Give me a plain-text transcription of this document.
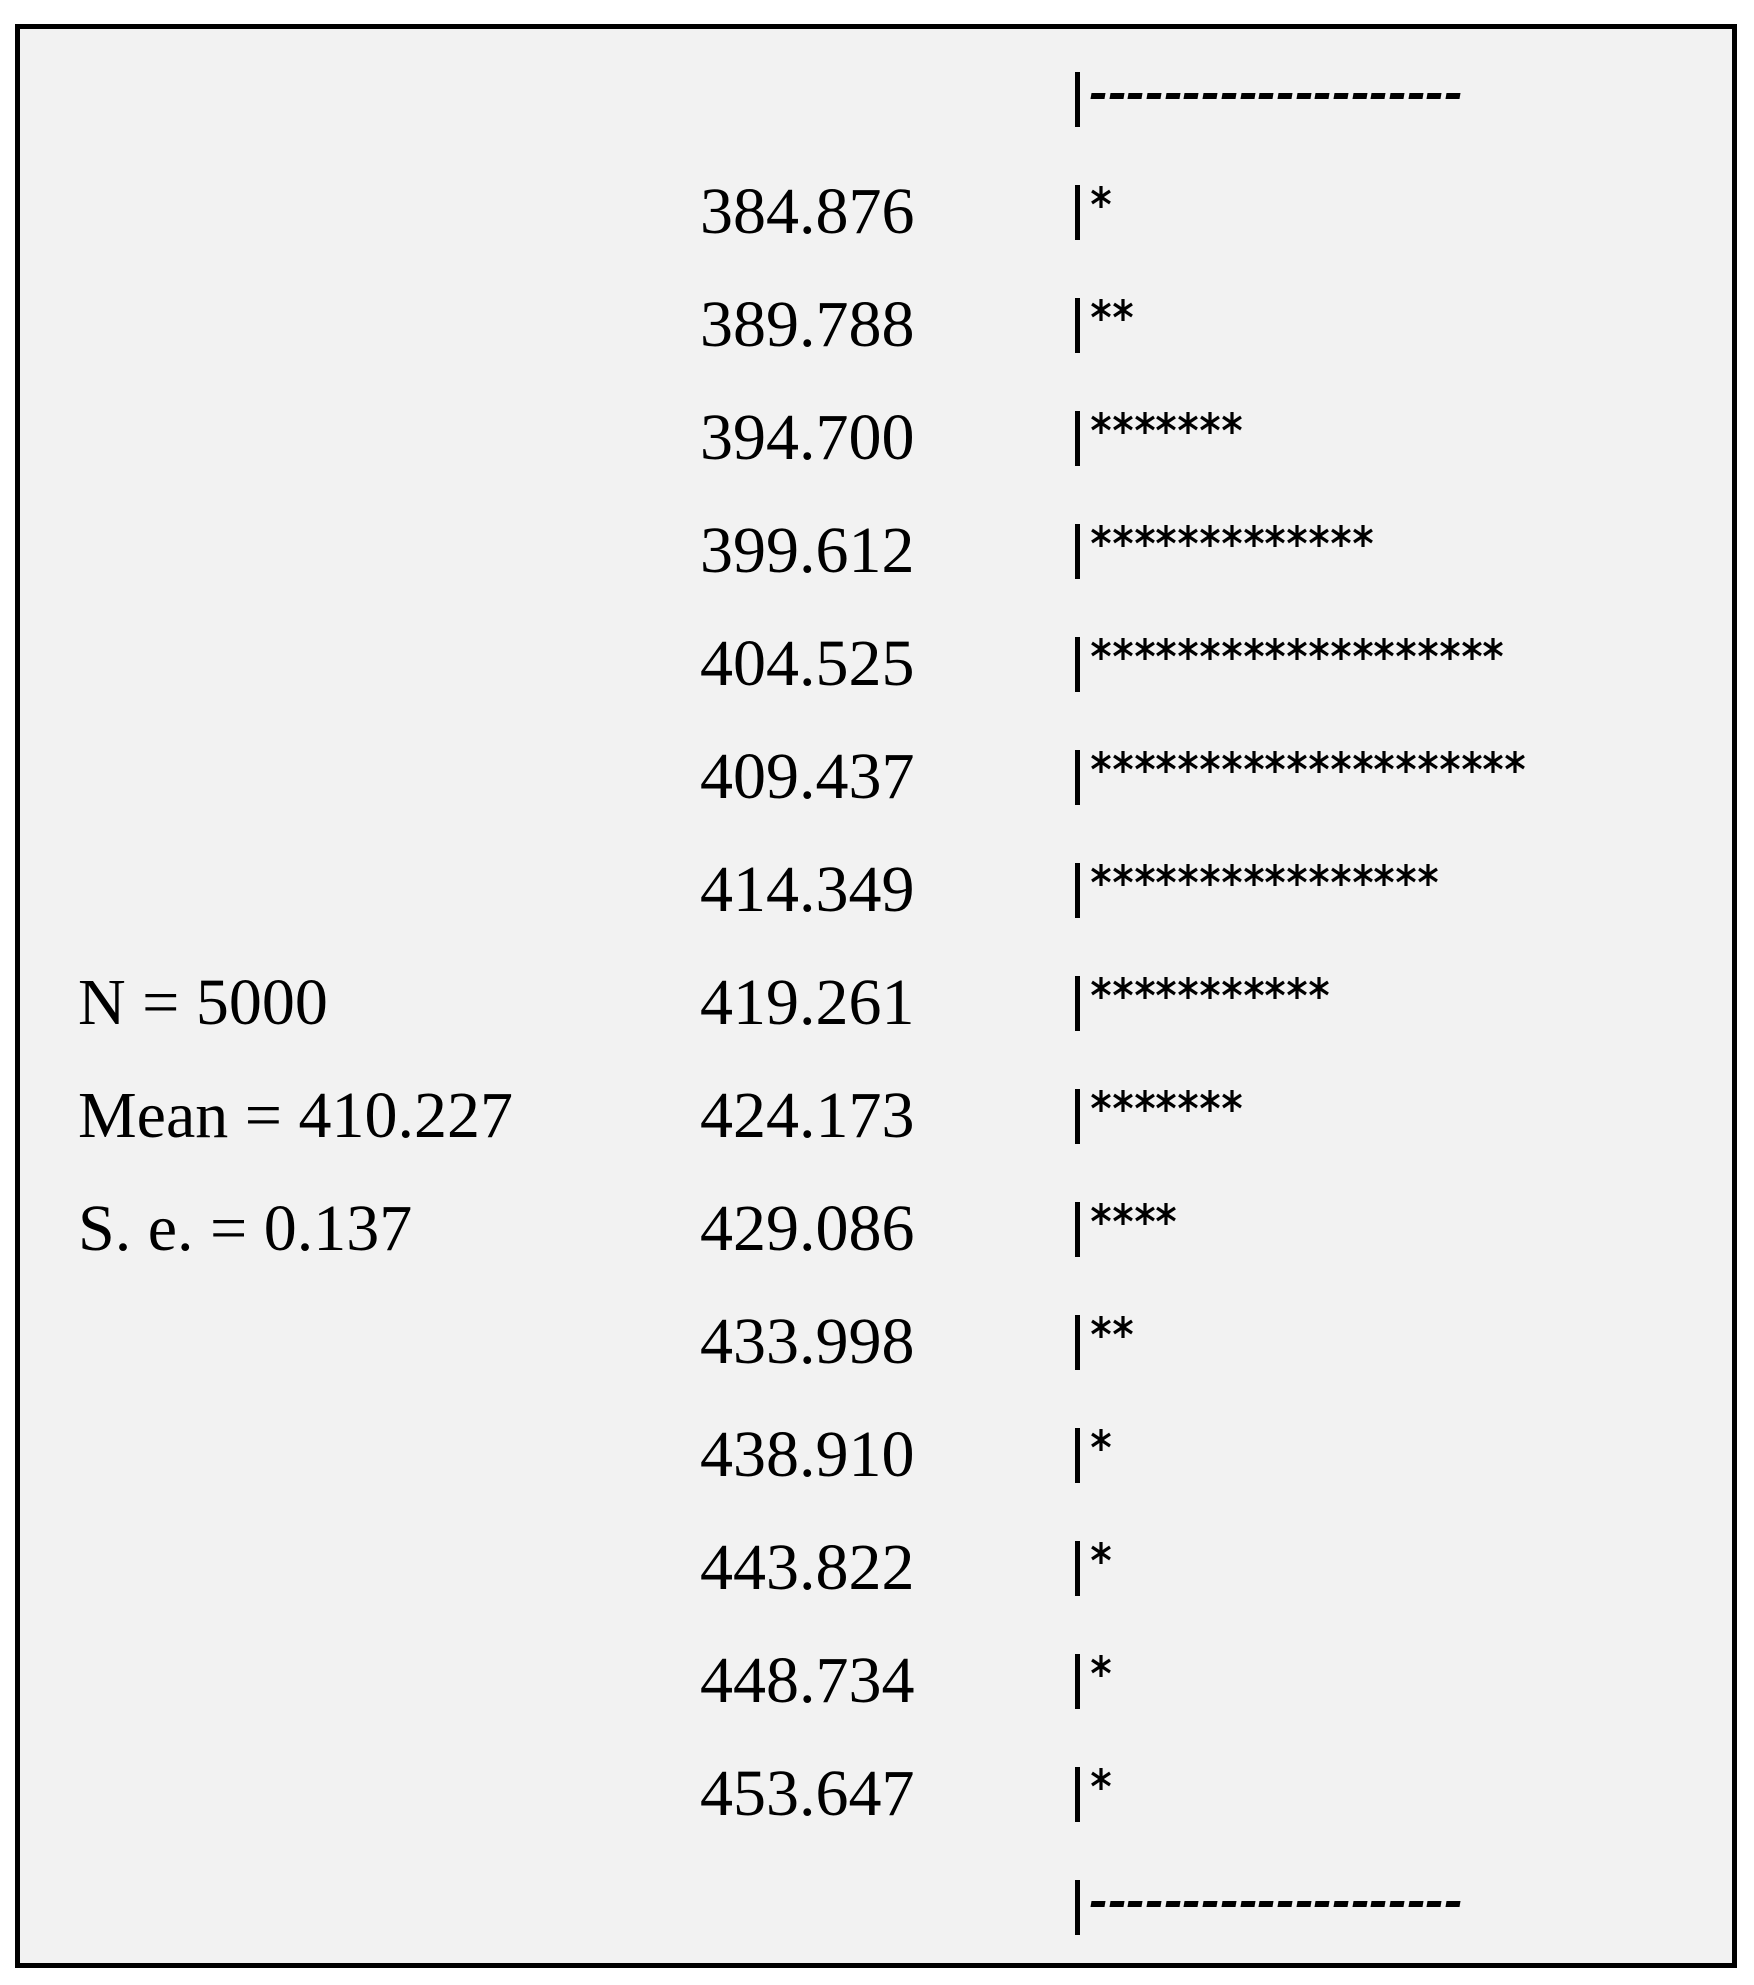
384.876
389.788
394.700
399.612
404.525
409.437
414.349
419.261
424.173
429.086
433.998
438.910
443.822
448.734
453.647
N = 5000
Mean = 410.227
S. e. = 0.137
